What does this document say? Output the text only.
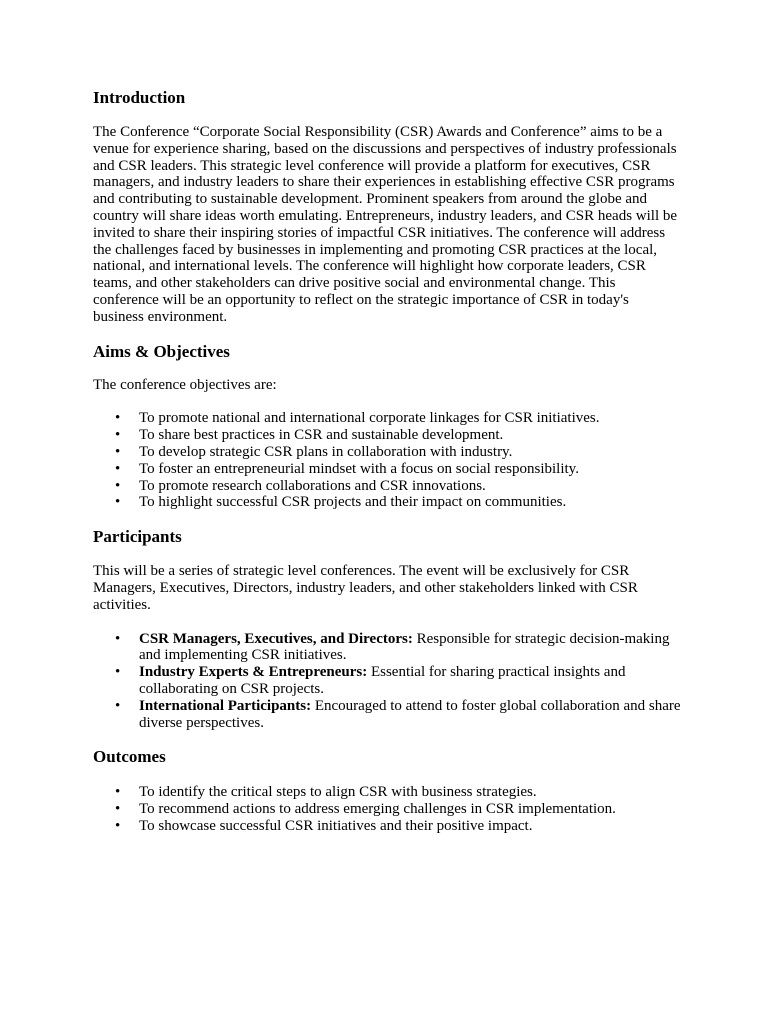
Introduction

The Conference “Corporate Social Responsibility (CSR) Awards and Conference” aims to be a venue for experience sharing, based on the discussions and perspectives of industry professionals and CSR leaders. This strategic level conference will provide a platform for executives, CSR managers, and industry leaders to share their experiences in establishing effective CSR programs and contributing to sustainable development. Prominent speakers from around the globe and country will share ideas worth emulating. Entrepreneurs, industry leaders, and CSR heads will be invited to share their inspiring stories of impactful CSR initiatives. The conference will address the challenges faced by businesses in implementing and promoting CSR practices at the local, national, and international levels. The conference will highlight how corporate leaders, CSR teams, and other stakeholders can drive positive social and environmental change. This conference will be an opportunity to reflect on the strategic importance of CSR in today's business environment.

Aims & Objectives

The conference objectives are:

• To promote national and international corporate linkages for CSR initiatives.
• To share best practices in CSR and sustainable development.
• To develop strategic CSR plans in collaboration with industry.
• To foster an entrepreneurial mindset with a focus on social responsibility.
• To promote research collaborations and CSR innovations.
• To highlight successful CSR projects and their impact on communities.
Participants

This will be a series of strategic level conferences. The event will be exclusively for CSR Managers, Executives, Directors, industry leaders, and other stakeholders linked with CSR activities.

• CSR Managers, Executives, and Directors: Responsible for strategic decision-making and implementing CSR initiatives.
• Industry Experts & Entrepreneurs: Essential for sharing practical insights and collaborating on CSR projects.
• International Participants: Encouraged to attend to foster global collaboration and share diverse perspectives.
Outcomes
• To identify the critical steps to align CSR with business strategies.
• To recommend actions to address emerging challenges in CSR implementation.
• To showcase successful CSR initiatives and their positive impact.
